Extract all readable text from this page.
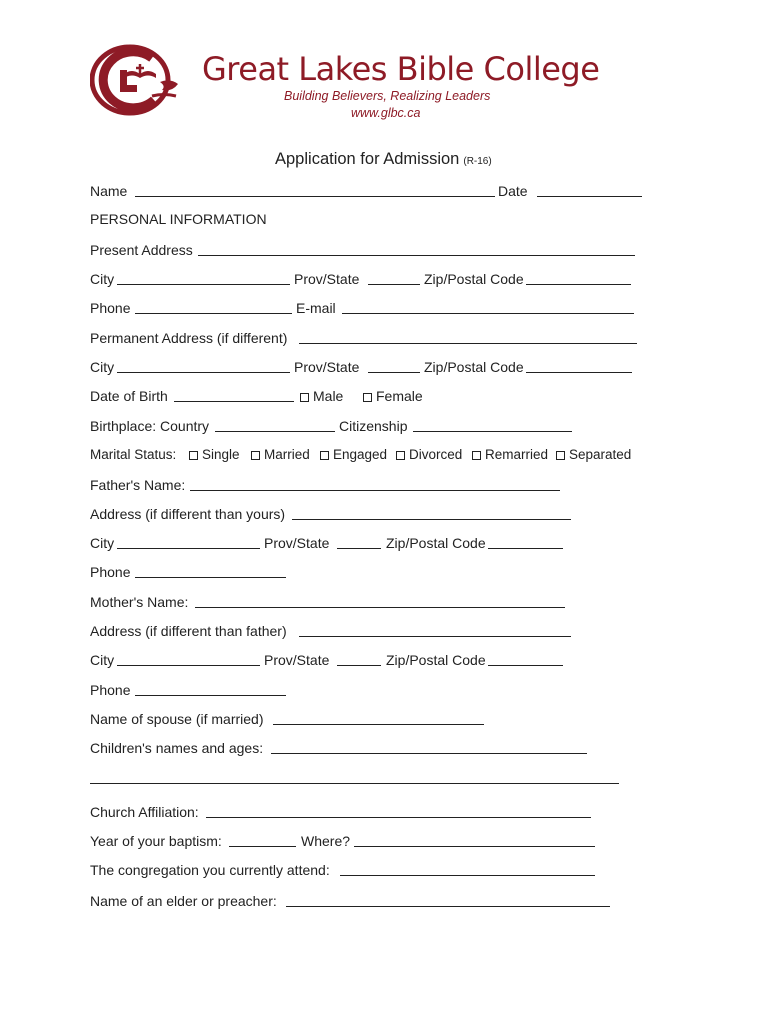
Great Lakes Bible College
Building Believers, Realizing Leaders
www.glbc.ca
Application for Admission (R-16)
Name	Date
PERSONAL INFORMATION
Present Address
City	Prov/State	Zip/Postal Code
Phone	E-mail
Permanent Address (if different)
City	Prov/State	Zip/Postal Code
Date of Birth	Male	Female
Birthplace: Country	Citizenship
Marital Status:	Single	Married	Engaged	Divorced	Remarried	Separated
Father's Name:
Address (if different than yours)
City	Prov/State	Zip/Postal Code
Phone
Mother's Name:
Address (if different than father)
City	Prov/State	Zip/Postal Code
Phone
Name of spouse (if married)
Children's names and ages:
Church Affiliation:
Year of your baptism:	Where?
The congregation you currently attend:
Name of an elder or preacher:
